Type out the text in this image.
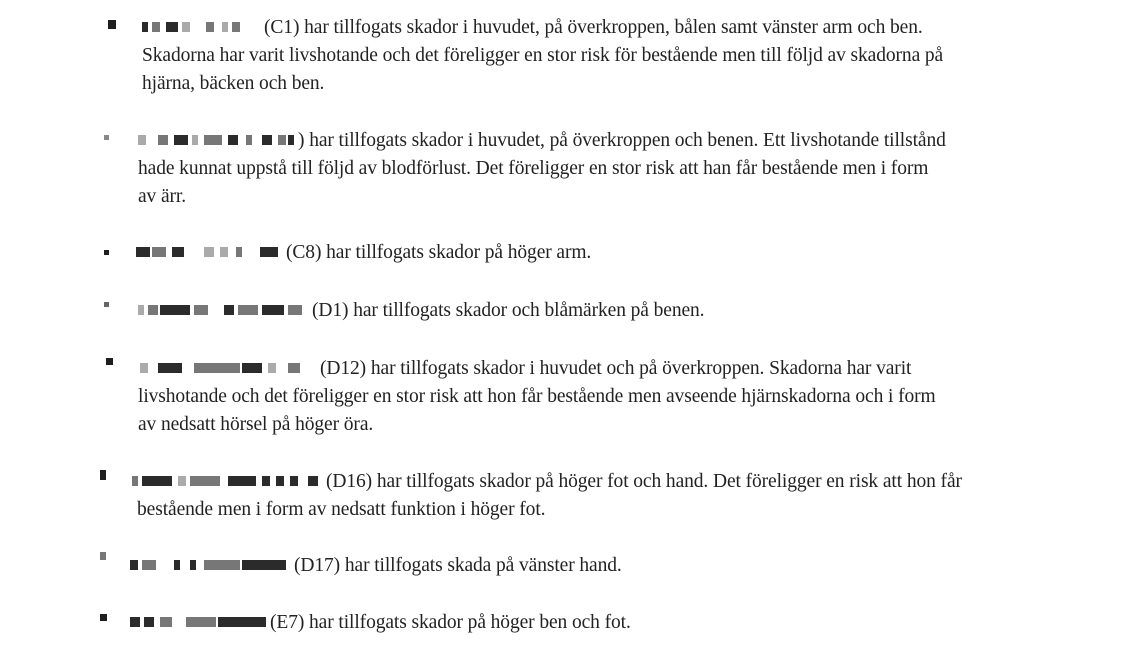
(C1) har tillfogats skador i huvudet, på överkroppen, bålen samt vänster arm och ben.
Skadorna har varit livshotande och det föreligger en stor risk för bestående men till följd av skadorna på
hjärna, bäcken och ben.
) har tillfogats skador i huvudet, på överkroppen och benen. Ett livshotande tillstånd
hade kunnat uppstå till följd av blodförlust. Det föreligger en stor risk att han får bestående men i form
av ärr.
(C8) har tillfogats skador på höger arm.
(D1) har tillfogats skador och blåmärken på benen.
(D12) har tillfogats skador i huvudet och på överkroppen. Skadorna har varit
livshotande och det föreligger en stor risk att hon får bestående men avseende hjärnskadorna och i form
av nedsatt hörsel på höger öra.
(D16) har tillfogats skador på höger fot och hand. Det föreligger en risk att hon får
bestående men i form av nedsatt funktion i höger fot.
(D17) har tillfogats skada på vänster hand.
(E7) har tillfogats skador på höger ben och fot.
